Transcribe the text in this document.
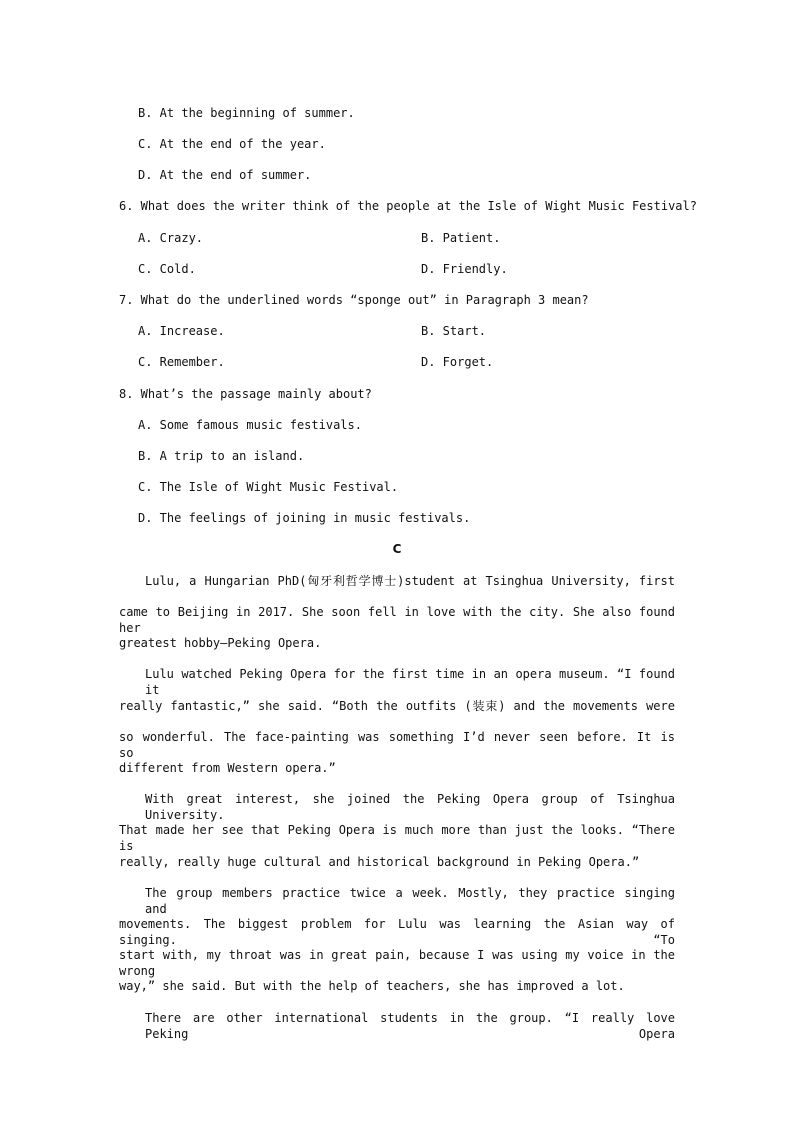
B. At the beginning of summer.
C. At the end of the year.
D. At the end of summer.
6. What does the writer think of the people at the Isle of Wight Music Festival?
A. Crazy.	B. Patient.
C. Cold.	D. Friendly.
7. What do the underlined words “sponge out” in Paragraph 3 mean?
A. Increase.	B. Start.
C. Remember.	D. Forget.
8. What’s the passage mainly about?
A. Some famous music festivals.
B. A trip to an island.
C. The Isle of Wight Music Festival.
D. The feelings of joining in music festivals.
C
Lulu, a Hungarian PhD(匈牙利哲学博士)student at Tsinghua University, first
came to Beijing in 2017. She soon fell in love with the city. She also found her
greatest hobby—Peking Opera.
Lulu watched Peking Opera for the first time in an opera museum. “I found it
really fantastic,” she said. “Both the outfits (装束) and the movements were
so wonderful. The face-painting was something I’d never seen before. It is so
different from Western opera.”
With great interest, she joined the Peking Opera group of Tsinghua University.
That made her see that Peking Opera is much more than just the looks. “There is
really, really huge cultural and historical background in Peking Opera.”
The group members practice twice a week. Mostly, they practice singing and
movements. The biggest problem for Lulu was learning the Asian way of singing. “To
start with, my throat was in great pain, because I was using my voice in the wrong
way,” she said. But with the help of teachers, she has improved a lot.
There are other international students in the group. “I really love Peking Opera
